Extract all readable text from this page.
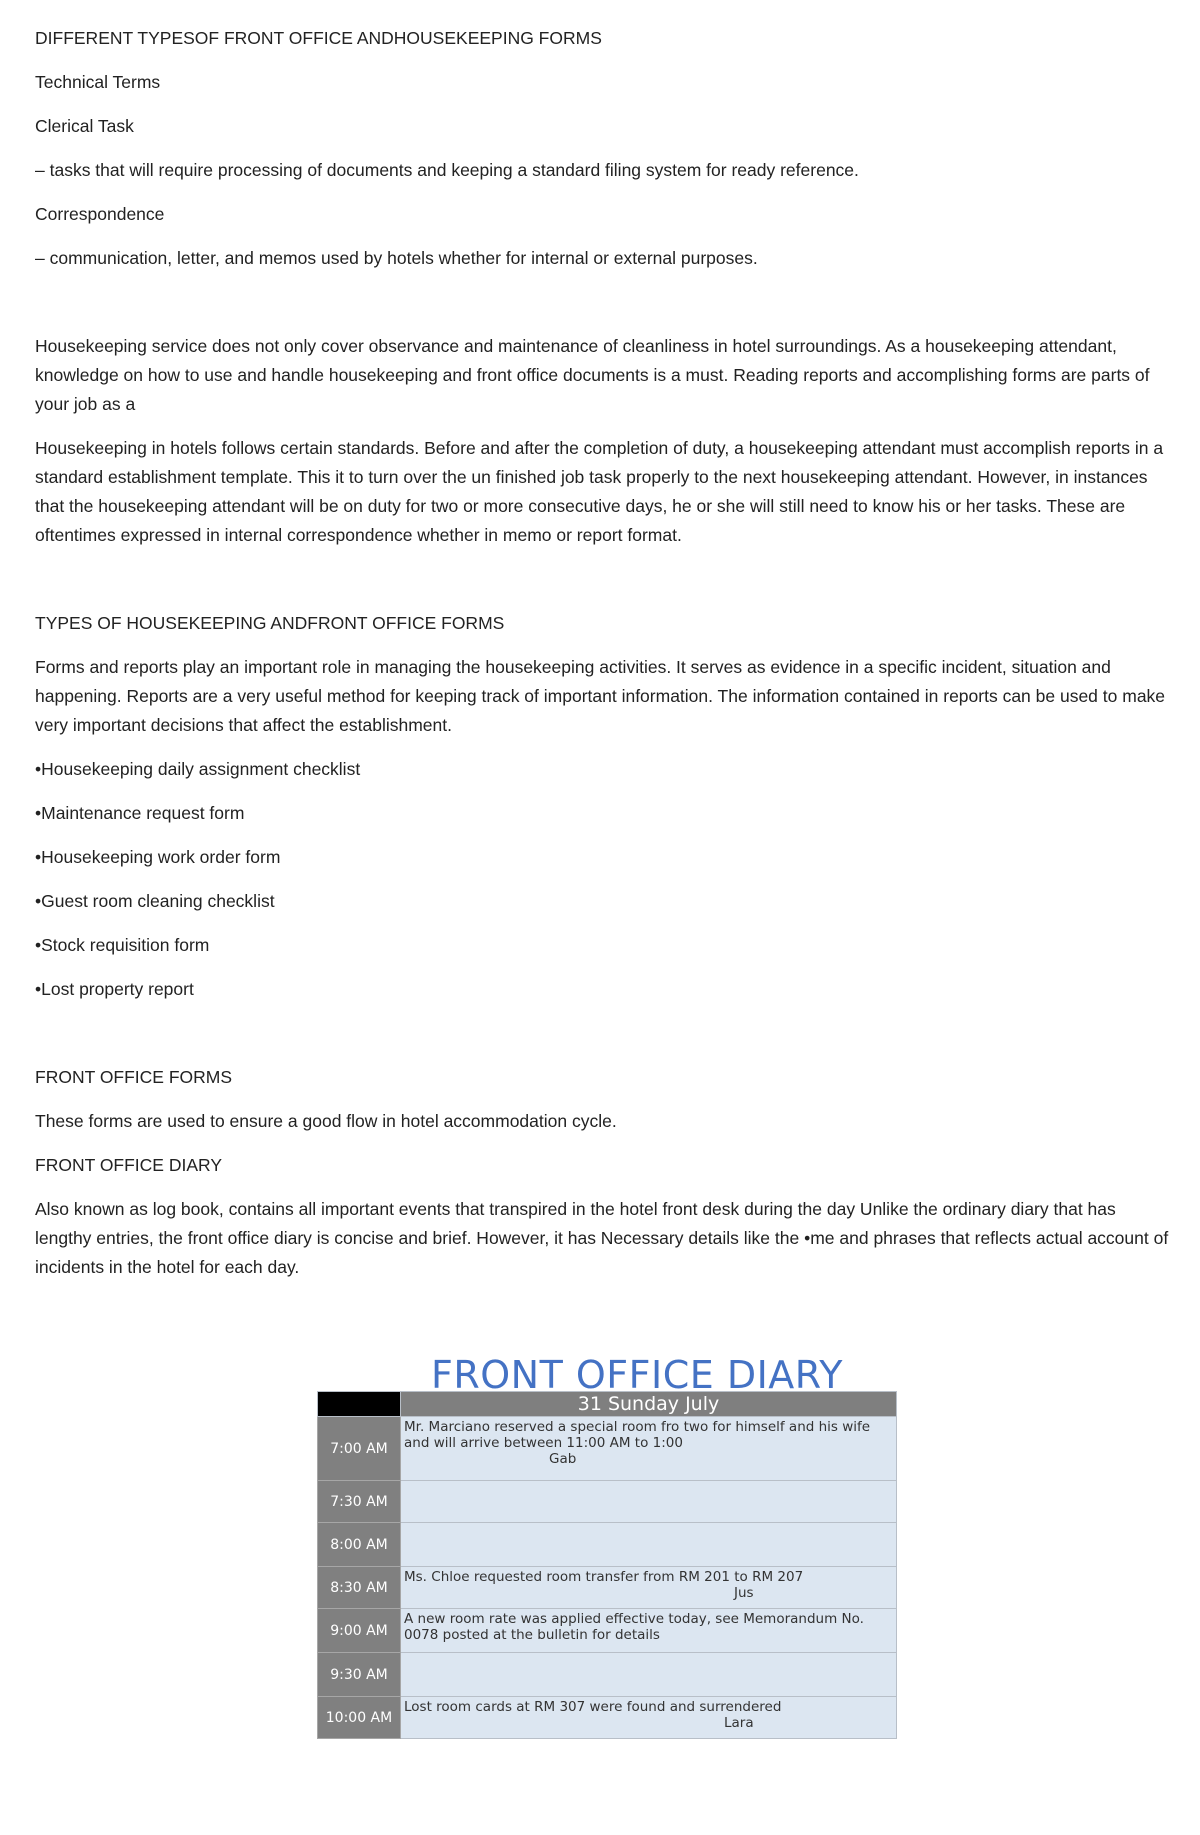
DIFFERENT TYPESOF FRONT OFFICE ANDHOUSEKEEPING FORMS
Technical Terms
Clerical Task
– tasks that will require processing of documents and keeping a standard filing system for ready reference.
Correspondence
– communication, letter, and memos used by hotels whether for internal or external purposes.
Housekeeping service does not only cover observance and maintenance of cleanliness in hotel surroundings. As a housekeeping attendant, knowledge on how to use and handle housekeeping and front office documents is a must. Reading reports and accomplishing forms are parts of your job as a
Housekeeping in hotels follows certain standards. Before and after the completion of duty, a housekeeping attendant must accomplish reports in a standard establishment template. This it to turn over the un finished job task properly to the next housekeeping attendant. However, in instances that the housekeeping attendant will be on duty for two or more consecutive days, he or she will still need to know his or her tasks. These are oftentimes expressed in internal correspondence whether in memo or report format.
TYPES OF HOUSEKEEPING ANDFRONT OFFICE FORMS
Forms and reports play an important role in managing the housekeeping activities. It serves as evidence in a specific incident, situation and happening. Reports are a very useful method for keeping track of important information. The information contained in reports can be used to make very important decisions that affect the establishment.
•Housekeeping daily assignment checklist
•Maintenance request form
•Housekeeping work order form
•Guest room cleaning checklist
•Stock requisition form
•Lost property report
FRONT OFFICE FORMS
These forms are used to ensure a good flow in hotel accommodation cycle.
FRONT OFFICE DIARY
Also known as log book, contains all important events that transpired in the hotel front desk during the day Unlike the ordinary diary that has lengthy entries, the front office diary is concise and brief. However, it has Necessary details like the •me and phrases that reflects actual account of incidents in the hotel for each day.
FRONT OFFICE DIARY
	31 Sunday July
7:00 AM	Mr. Marciano reserved a special room fro two for himself and his wife and will arrive between 11:00 AM to 1:00
Gab

7:30 AM	
8:00 AM	
8:30 AM	Ms. Chloe requested room transfer from RM 201 to RM 207
Jus

9:00 AM	A new room rate was applied effective today, see Memorandum No. 0078 posted at the bulletin for details
9:30 AM	
10:00 AM	Lost room cards at RM 307 were found and surrendered
Lara
